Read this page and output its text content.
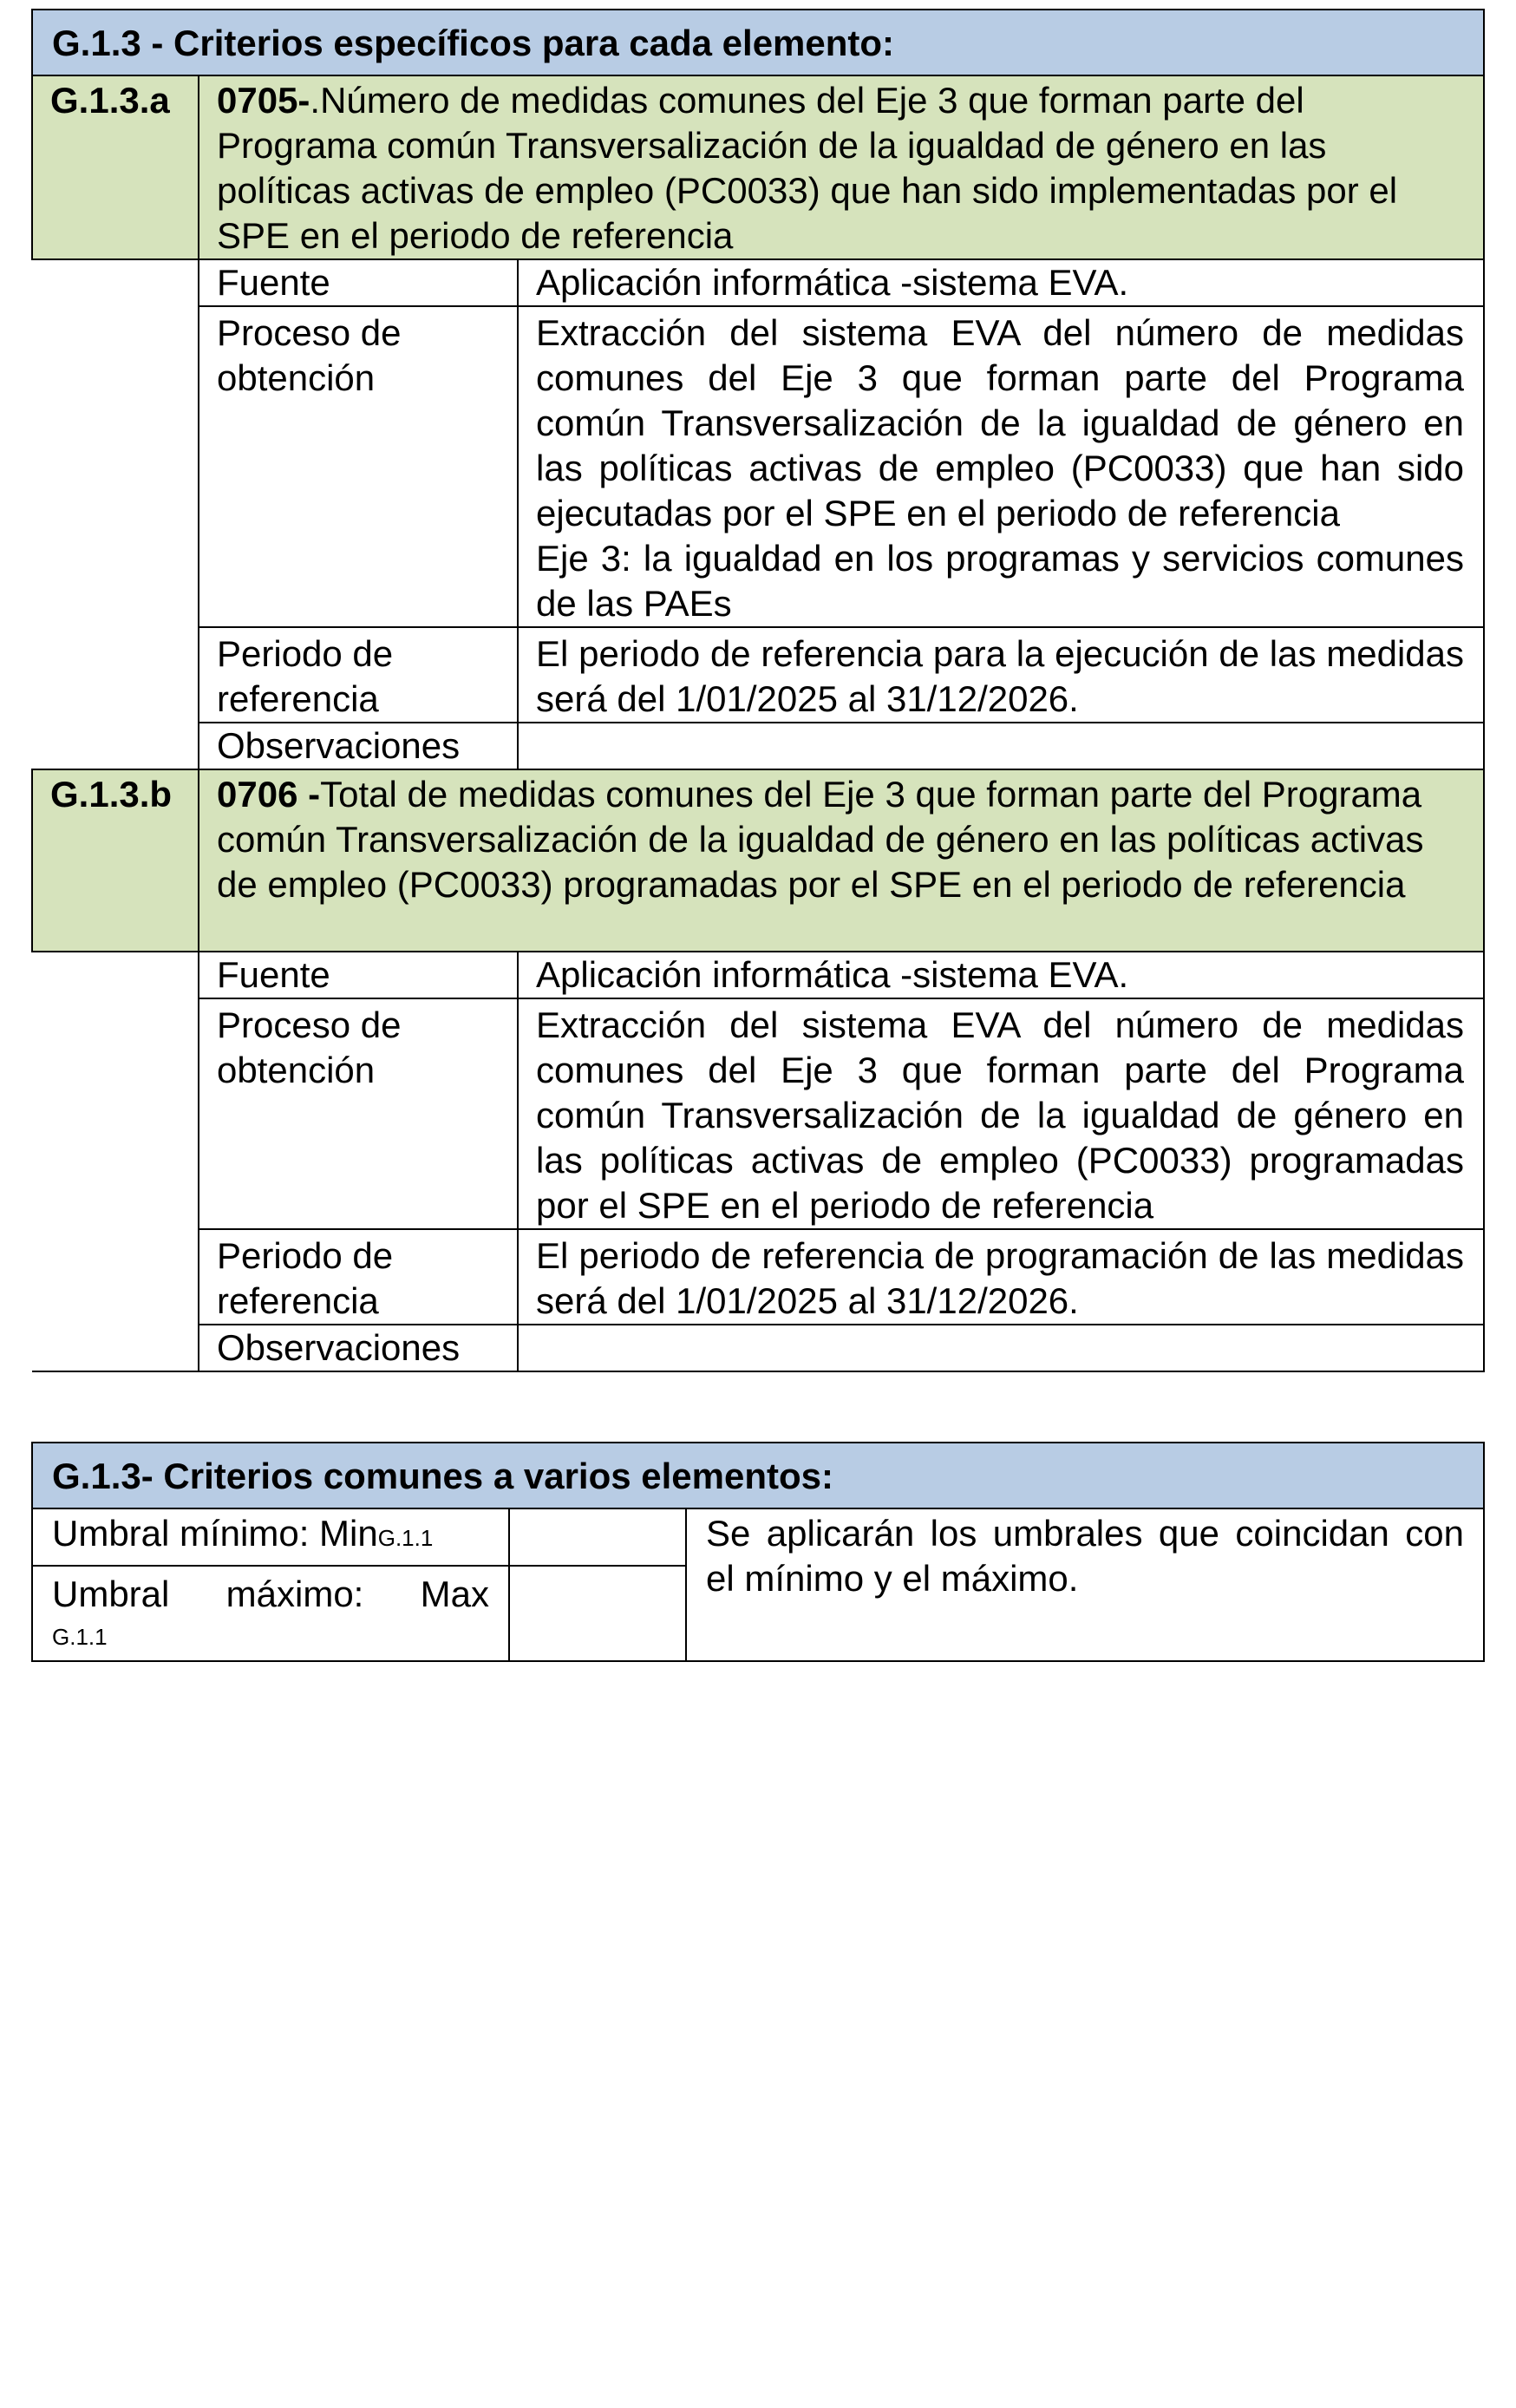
G.1.3 - Criterios específicos para cada elemento:		
G.1.3.a	0705-.Número de medidas comunes del Eje 3 que forman parte del Programa común Transversalización de la igualdad de género en las políticas activas de empleo (PC0033) que han sido implementadas por el SPE en el periodo de referencia	
	Fuente	Aplicación informática -sistema EVA.
	Proceso de obtención	Extracción del sistema EVA del número de medidas comunes del Eje 3 que forman parte del Programa común Transversalización de la igualdad de género en las políticas activas de empleo (PC0033) que han sido ejecutadas por el SPE en el periodo de referencia
Eje 3: la igualdad en los programas y servicios comunes de las PAEs

	Periodo de referencia	El periodo de referencia para la ejecución de las medidas será del 1/01/2025 al 31/12/2026.
	Observaciones	
G.1.3.b	0706 -Total de medidas comunes del Eje 3 que forman parte del Programa común Transversalización de la igualdad de género en las políticas activas de empleo (PC0033) programadas por el SPE en el periodo de referencia	
	Fuente	Aplicación informática -sistema EVA.
	Proceso de obtención	Extracción del sistema EVA del número de medidas comunes del Eje 3 que forman parte del Programa común Transversalización de la igualdad de género en las políticas activas de empleo (PC0033) programadas por el SPE en el periodo de referencia
	Periodo de referencia	El periodo de referencia de programación de las medidas será del 1/01/2025 al 31/12/2026.
	Observaciones	
G.1.3- Criterios comunes a varios elementos:		
Umbral mínimo: MinG.1.1		Se aplicarán los umbrales que coincidan con el mínimo y el máximo.

Umbral máximo: Max
G.1.1		
